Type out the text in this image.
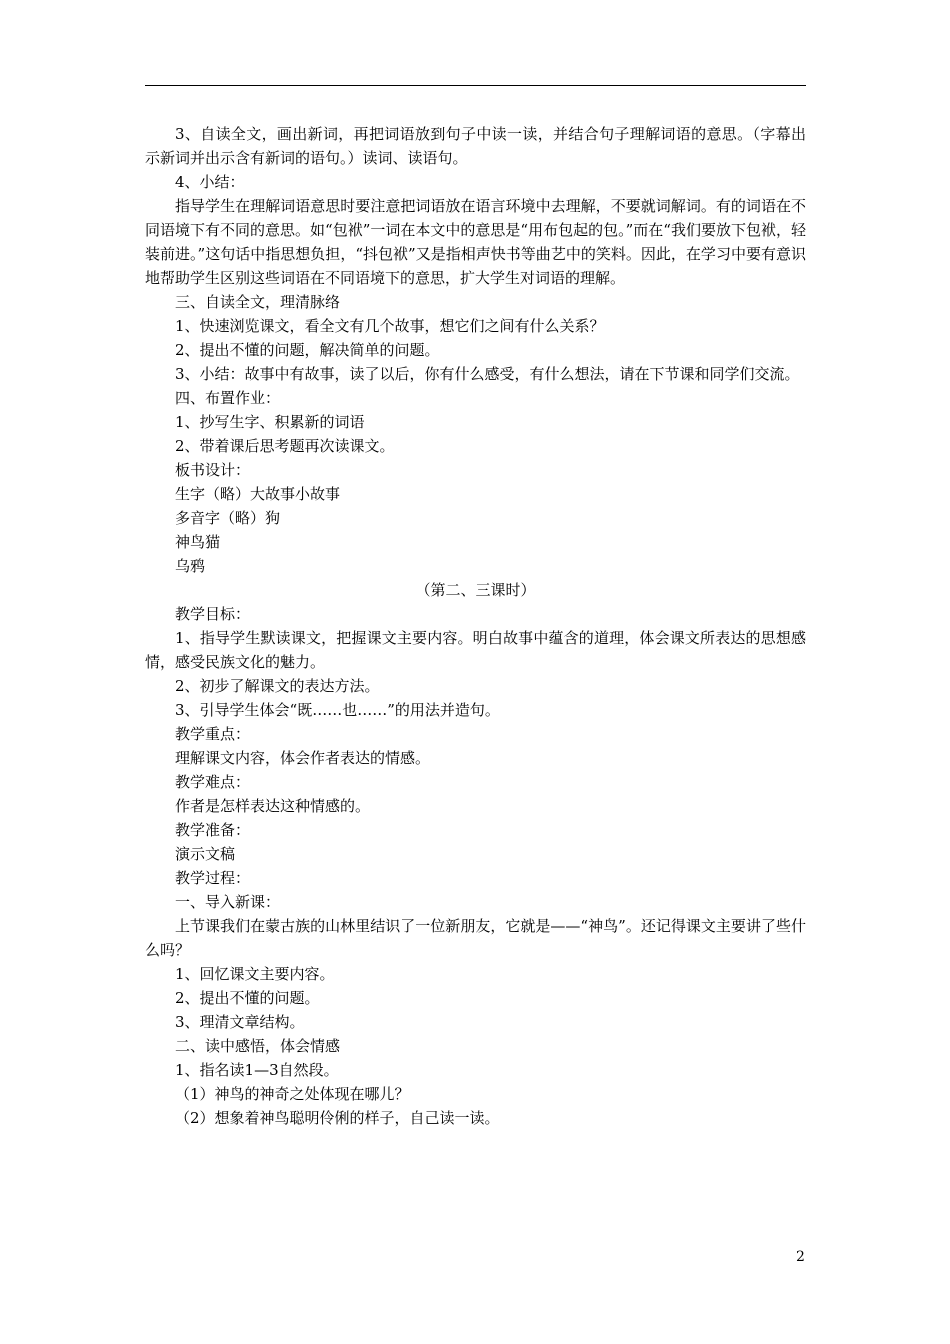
3、自读全文，画出新词，再把词语放到句子中读一读，并结合句子理解词语的意思。（字幕出示新词并出示含有新词的语句。）读词、读语句。

4、小结：

指导学生在理解词语意思时要注意把词语放在语言环境中去理解，不要就词解词。有的词语在不同语境下有不同的意思。如“包袱”一词在本文中的意思是“用布包起的包。”而在“我们要放下包袱，轻装前进。”这句话中指思想负担，“抖包袱”又是指相声快书等曲艺中的笑料。因此，在学习中要有意识地帮助学生区别这些词语在不同语境下的意思，扩大学生对词语的理解。

三、自读全文，理清脉络

1、快速浏览课文，看全文有几个故事，想它们之间有什么关系？

2、提出不懂的问题，解决简单的问题。

3、小结：故事中有故事，读了以后，你有什么感受，有什么想法，请在下节课和同学们交流。

四、布置作业：

1、抄写生字、积累新的词语

2、带着课后思考题再次读课文。

板书设计：

生字（略）大故事小故事

多音字（略）狗

神鸟猫

乌鸦

（第二、三课时）

教学目标：

1、指导学生默读课文，把握课文主要内容。明白故事中蕴含的道理，体会课文所表达的思想感情，感受民族文化的魅力。

2、初步了解课文的表达方法。

3、引导学生体会“既……也……”的用法并造句。

教学重点：

理解课文内容，体会作者表达的情感。

教学难点：

作者是怎样表达这种情感的。

教学准备：

演示文稿

教学过程：

一、导入新课：

上节课我们在蒙古族的山林里结识了一位新朋友，它就是——“神鸟”。还记得课文主要讲了些什么吗？

1、回忆课文主要内容。

2、提出不懂的问题。

3、理清文章结构。

二、读中感悟，体会情感

1、指名读1—3自然段。

（1）神鸟的神奇之处体现在哪儿？

（2）想象着神鸟聪明伶俐的样子，自己读一读。

2
